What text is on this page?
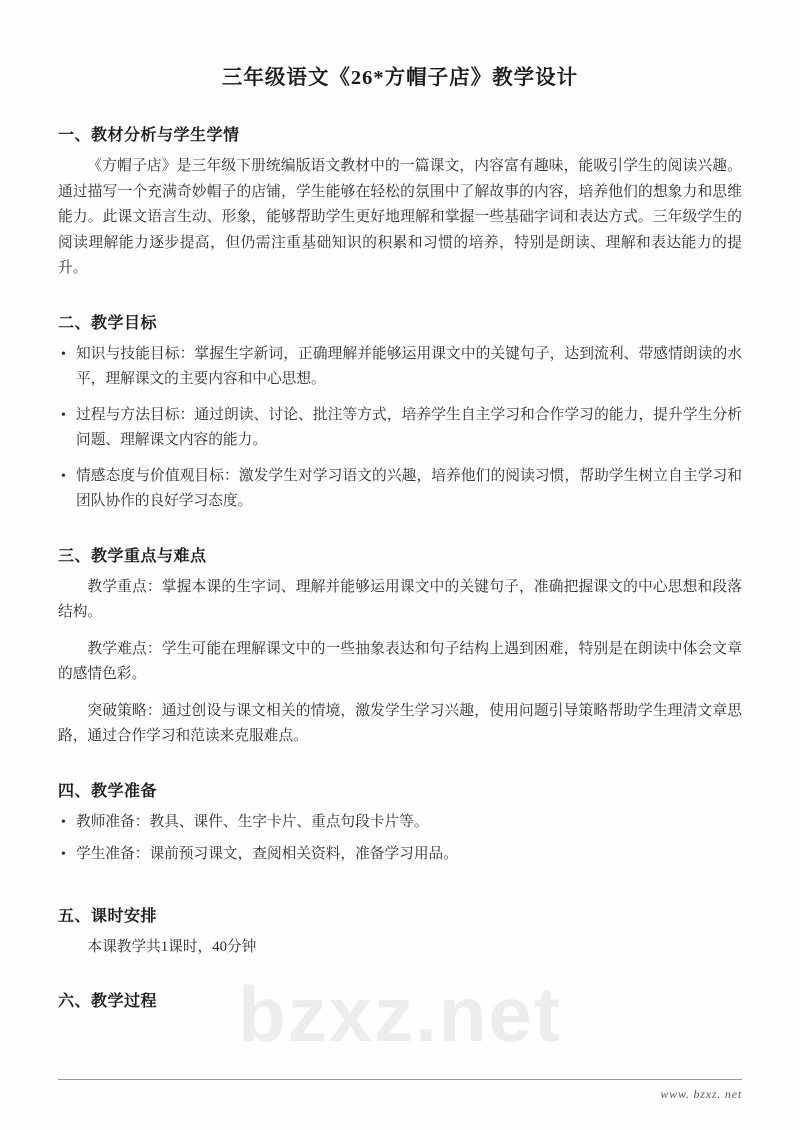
bzxz.net
三年级语文《26*方帽子店》教学设计
一、教材分析与学生学情

《方帽子店》是三年级下册统编版语文教材中的一篇课文，内容富有趣味，能吸引学生的阅读兴趣。通过描写一个充满奇妙帽子的店铺，学生能够在轻松的氛围中了解故事的内容，培养他们的想象力和思维能力。此课文语言生动、形象，能够帮助学生更好地理解和掌握一些基础字词和表达方式。三年级学生的阅读理解能力逐步提高，但仍需注重基础知识的积累和习惯的培养，特别是朗读、理解和表达能力的提升。

二、教学目标
• 知识与技能目标：掌握生字新词，正确理解并能够运用课文中的关键句子，达到流利、带感情朗读的水平，理解课文的主要内容和中心思想。
• 过程与方法目标：通过朗读、讨论、批注等方式，培养学生自主学习和合作学习的能力，提升学生分析问题、理解课文内容的能力。
• 情感态度与价值观目标：激发学生对学习语文的兴趣，培养他们的阅读习惯，帮助学生树立自主学习和团队协作的良好学习态度。
三、教学重点与难点

教学重点：掌握本课的生字词、理解并能够运用课文中的关键句子，准确把握课文的中心思想和段落结构。

教学难点：学生可能在理解课文中的一些抽象表达和句子结构上遇到困难，特别是在朗读中体会文章的感情色彩。

突破策略：通过创设与课文相关的情境，激发学生学习兴趣，使用问题引导策略帮助学生理清文章思路，通过合作学习和范读来克服难点。

四、教学准备
• 教师准备：教具、课件、生字卡片、重点句段卡片等。
• 学生准备：课前预习课文，查阅相关资料，准备学习用品。
五、课时安排

本课教学共1课时，40分钟

六、教学过程
www. bzxz. net
